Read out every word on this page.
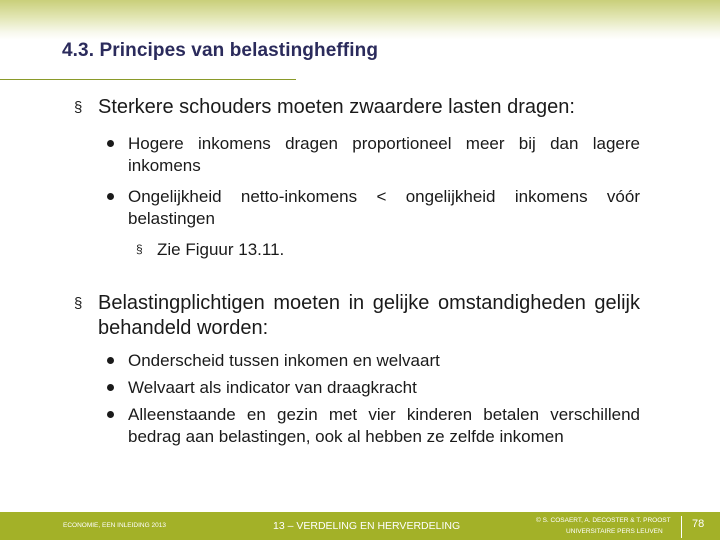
4.3. Principes van belastingheffing
§ Sterkere schouders moeten zwaardere lasten dragen:
Hogere inkomens dragen proportioneel meer bij dan lagere inkomens
Ongelijkheid netto-inkomens < ongelijkheid inkomens vóór belastingen
§ Zie Figuur 13.11.
§ Belastingplichtigen moeten in gelijke omstandigheden gelijk behandeld worden:
Onderscheid tussen inkomen en welvaart
Welvaart als indicator van draagkracht
Alleenstaande en gezin met vier kinderen betalen verschillend bedrag aan belastingen, ook al hebben ze zelfde inkomen
ECONOMIE, EEN INLEIDING 2013	13 – VERDELING EN HERVERDELING	© S. COSAERT, A. DECOSTER & T. PROOST
UNIVERSITAIRE PERS LEUVEN
78
